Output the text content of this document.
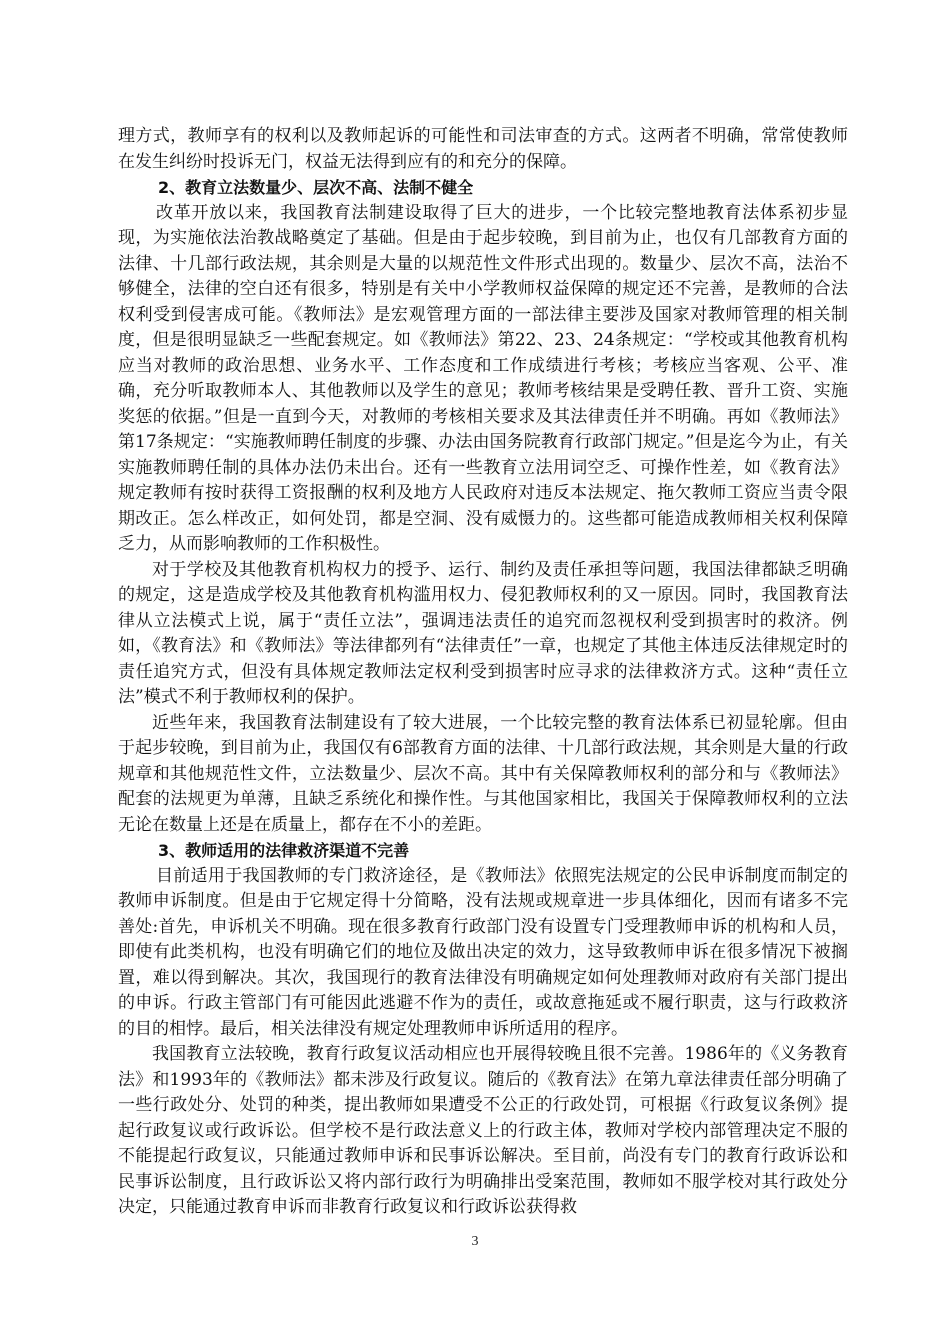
理方式，教师享有的权利以及教师起诉的可能性和司法审查的方式。这两者不明确，常常使教师在发生纠纷时投诉无门，权益无法得到应有的和充分的保障。

2、教育立法数量少、层次不高、法制不健全

改革开放以来，我国教育法制建设取得了巨大的进步，一个比较完整地教育法体系初步显现，为实施依法治教战略奠定了基础。但是由于起步较晚，到目前为止，也仅有几部教育方面的法律、十几部行政法规，其余则是大量的以规范性文件形式出现的。数量少、层次不高，法治不够健全，法律的空白还有很多，特别是有关中小学教师权益保障的规定还不完善，是教师的合法权利受到侵害成可能。《教师法》是宏观管理方面的一部法律主要涉及国家对教师管理的相关制度，但是很明显缺乏一些配套规定。如《教师法》第22、23、24条规定：“学校或其他教育机构应当对教师的政治思想、业务水平、工作态度和工作成绩进行考核；考核应当客观、公平、准确，充分听取教师本人、其他教师以及学生的意见；教师考核结果是受聘任教、晋升工资、实施奖惩的依据。”但是一直到今天，对教师的考核相关要求及其法律责任并不明确。再如《教师法》第17条规定：“实施教师聘任制度的步骤、办法由国务院教育行政部门规定。”但是迄今为止，有关实施教师聘任制的具体办法仍未出台。还有一些教育立法用词空乏、可操作性差，如《教育法》规定教师有按时获得工资报酬的权利及地方人民政府对违反本法规定、拖欠教师工资应当责令限期改正。怎么样改正，如何处罚，都是空洞、没有威慑力的。这些都可能造成教师相关权利保障乏力，从而影响教师的工作积极性。

对于学校及其他教育机构权力的授予、运行、制约及责任承担等问题，我国法律都缺乏明确的规定，这是造成学校及其他教育机构滥用权力、侵犯教师权利的又一原因。同时，我国教育法律从立法模式上说，属于“责任立法”，强调违法责任的追究而忽视权利受到损害时的救济。例如，《教育法》和《教师法》等法律都列有“法律责任”一章，也规定了其他主体违反法律规定时的责任追究方式，但没有具体规定教师法定权利受到损害时应寻求的法律救济方式。这种“责任立法”模式不利于教师权利的保护。

近些年来，我国教育法制建设有了较大进展，一个比较完整的教育法体系已初显轮廓。但由于起步较晚，到目前为止，我国仅有6部教育方面的法律、十几部行政法规，其余则是大量的行政规章和其他规范性文件，立法数量少、层次不高。其中有关保障教师权利的部分和与《教师法》配套的法规更为单薄，且缺乏系统化和操作性。与其他国家相比，我国关于保障教师权利的立法无论在数量上还是在质量上，都存在不小的差距。

3、教师适用的法律救济渠道不完善

目前适用于我国教师的专门救济途径，是《教师法》依照宪法规定的公民申诉制度而制定的教师申诉制度。但是由于它规定得十分简略，没有法规或规章进一步具体细化，因而有诸多不完善处:首先，申诉机关不明确。现在很多教育行政部门没有设置专门受理教师申诉的机构和人员，即使有此类机构，也没有明确它们的地位及做出决定的效力，这导致教师申诉在很多情况下被搁置，难以得到解决。其次，我国现行的教育法律没有明确规定如何处理教师对政府有关部门提出的申诉。行政主管部门有可能因此逃避不作为的责任，或故意拖延或不履行职责，这与行政救济的目的相悖。最后，相关法律没有规定处理教师申诉所适用的程序。

我国教育立法较晚，教育行政复议活动相应也开展得较晚且很不完善。1986年的《义务教育法》和1993年的《教师法》都未涉及行政复议。随后的《教育法》在第九章法律责任部分明确了一些行政处分、处罚的种类，提出教师如果遭受不公正的行政处罚，可根据《行政复议条例》提起行政复议或行政诉讼。但学校不是行政法意义上的行政主体，教师对学校内部管理决定不服的不能提起行政复议，只能通过教师申诉和民事诉讼解决。至目前，尚没有专门的教育行政诉讼和民事诉讼制度，且行政诉讼又将内部行政行为明确排出受案范围，教师如不服学校对其行政处分决定，只能通过教育申诉而非教育行政复议和行政诉讼获得救

3
